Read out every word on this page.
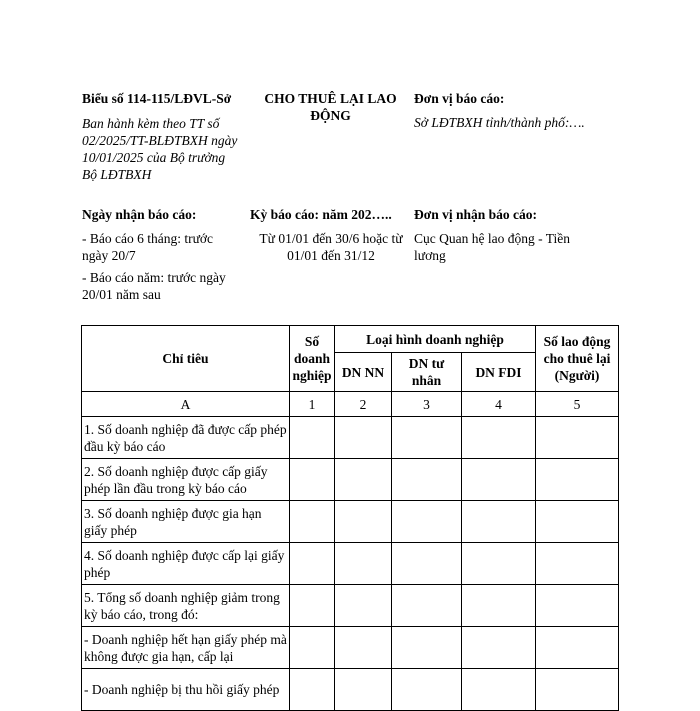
Biểu số 114-115/LĐVL-Sở

Ban hành kèm theo TT số 02/2025/TT-BLĐTBXH ngày 10/01/2025 của Bộ trưởng Bộ LĐTBXH

CHO THUÊ LẠI LAO ĐỘNG

Đơn vị báo cáo:

Sở LĐTBXH tỉnh/thành phố:….

Ngày nhận báo cáo:

- Báo cáo 6 tháng: trước ngày 20/7

- Báo cáo năm: trước ngày 20/01 năm sau

Kỳ báo cáo: năm 202…..

Từ 01/01 đến 30/6 hoặc từ 01/01 đến 31/12

Đơn vị nhận báo cáo:

Cục Quan hệ lao động - Tiền lương

Chỉ tiêu	Số doanh nghiệp	Loại hình doanh nghiệp			Số lao động cho thuê lại (Người)
		DN NN	DN tư nhân	DN FDI	
A	1	2	3	4	5
1. Số doanh nghiệp đã được cấp phép đầu kỳ báo cáo					
2. Số doanh nghiệp được cấp giấy phép lần đầu trong kỳ báo cáo					
3. Số doanh nghiệp được gia hạn giấy phép					
4. Số doanh nghiệp được cấp lại giấy phép					
5. Tổng số doanh nghiệp giảm trong kỳ báo cáo, trong đó:					
- Doanh nghiệp hết hạn giấy phép mà không được gia hạn, cấp lại					
- Doanh nghiệp bị thu hồi giấy phép					
